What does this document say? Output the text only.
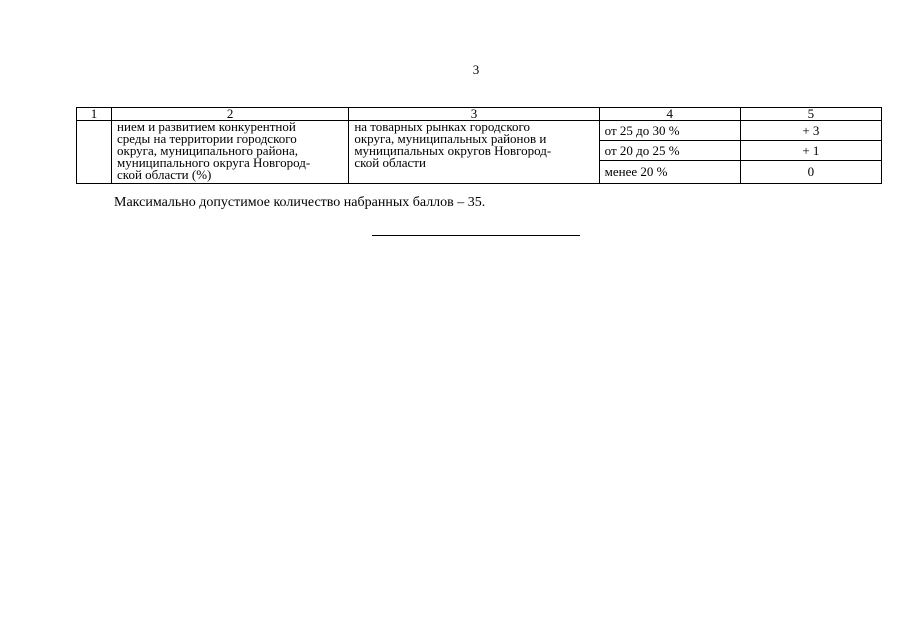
3
1	2	3	4	5

	нием и развитием конкурентной
среды на территории городского
округа, муниципального района,
муниципального округа Новгород-
ской области (%)	на товарных рынках городского
округа, муниципальных районов и
муниципальных округов Новгород-
ской области	от 25 до 30 %	+ 3
			от 20 до 25 %	+ 1
			менее 20 %	0
Максимально допустимое количество набранных баллов – 35.
